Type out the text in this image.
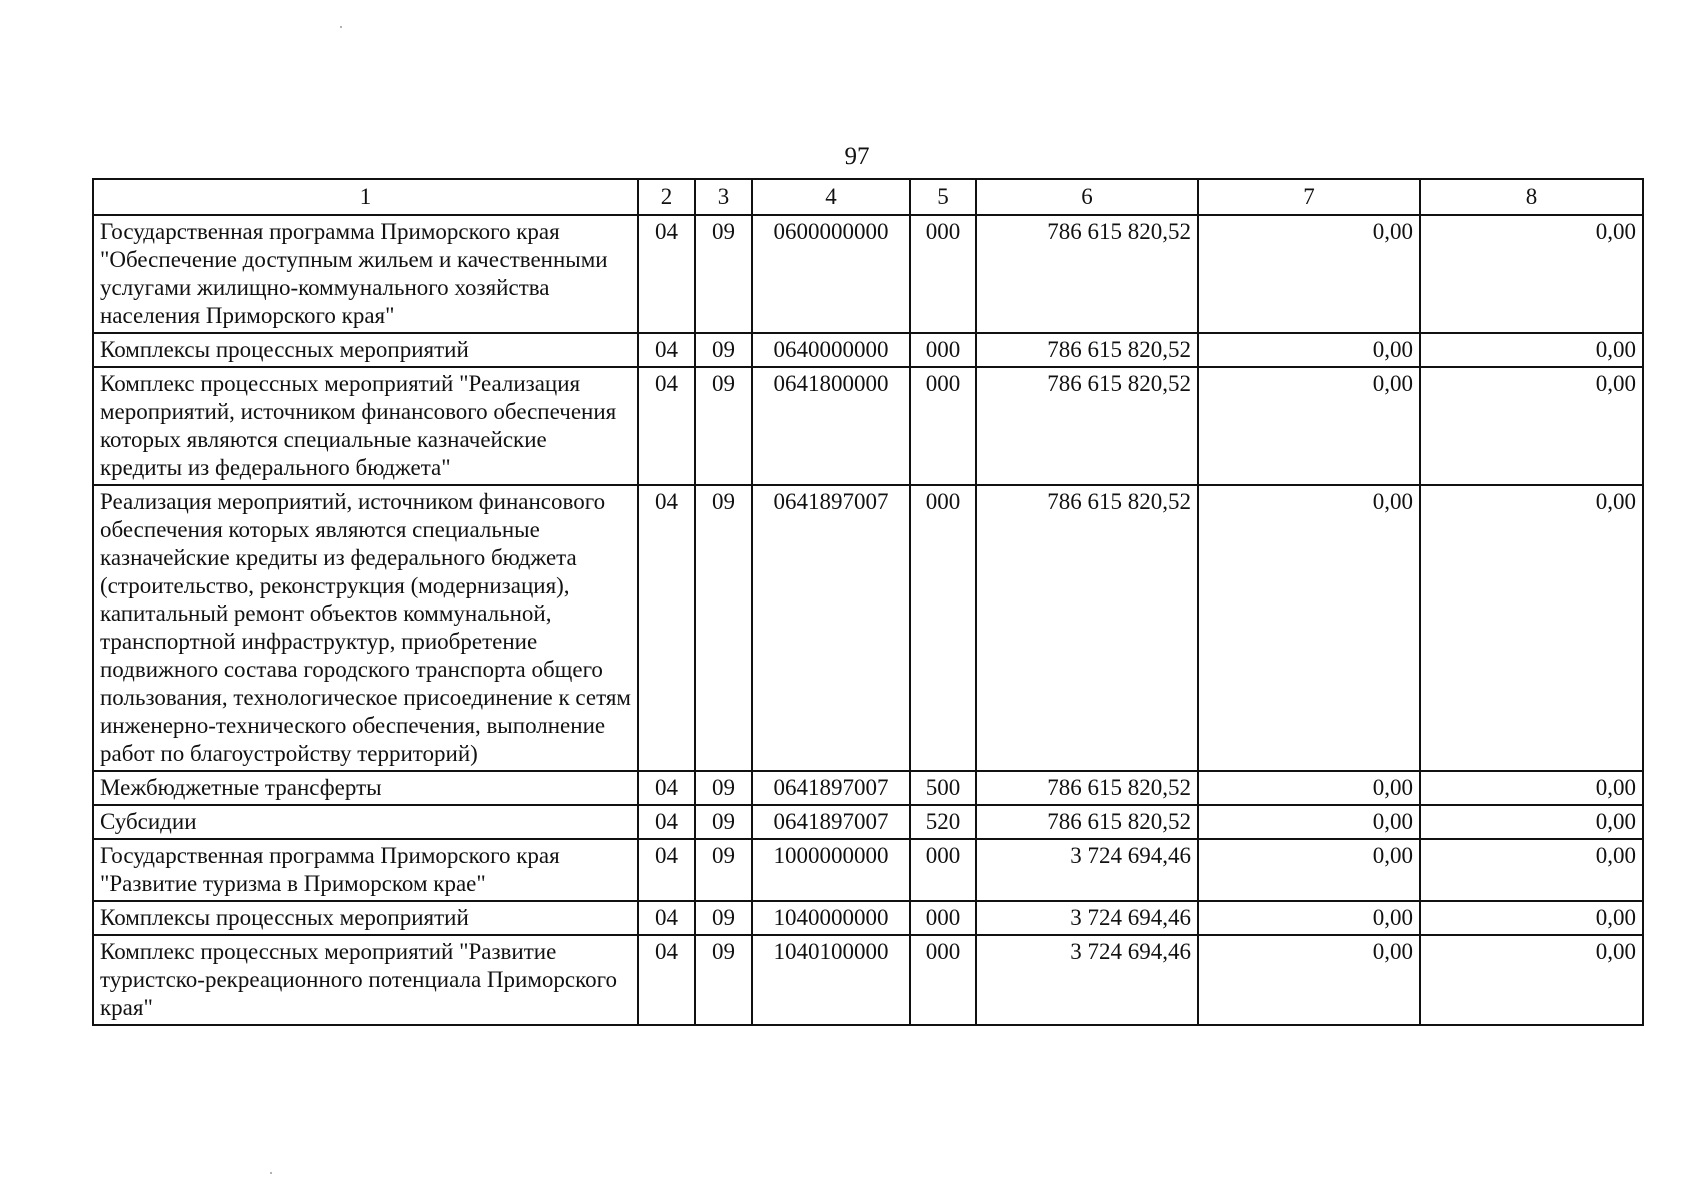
97
1	2	3	4	5	6	7	8
Государственная программа Приморского края "Обеспечение доступным жильем и качественными услугами жилищно-коммунального хозяйства населения Приморского края"	04	09	0600000000	000	786 615 820,52	0,00	0,00
Комплексы процессных мероприятий	04	09	0640000000	000	786 615 820,52	0,00	0,00
Комплекс процессных мероприятий "Реализация мероприятий, источником финансового обеспечения которых являются специальные казначейские кредиты из федерального бюджета"	04	09	0641800000	000	786 615 820,52	0,00	0,00
Реализация мероприятий, источником финансового обеспечения которых являются специальные казначейские кредиты из федерального бюджета (строительство, реконструкция (модернизация), капитальный ремонт объектов коммунальной, транспортной инфраструктур, приобретение подвижного состава городского транспорта общего пользования, технологическое присоединение к сетям инженерно-технического обеспечения, выполнение работ по благоустройству территорий)	04	09	0641897007	000	786 615 820,52	0,00	0,00
Межбюджетные трансферты	04	09	0641897007	500	786 615 820,52	0,00	0,00
Субсидии	04	09	0641897007	520	786 615 820,52	0,00	0,00
Государственная программа Приморского края "Развитие туризма в Приморском крае"	04	09	1000000000	000	3 724 694,46	0,00	0,00
Комплексы процессных мероприятий	04	09	1040000000	000	3 724 694,46	0,00	0,00
Комплекс процессных мероприятий "Развитие туристско-рекреационного потенциала Приморского края"	04	09	1040100000	000	3 724 694,46	0,00	0,00
